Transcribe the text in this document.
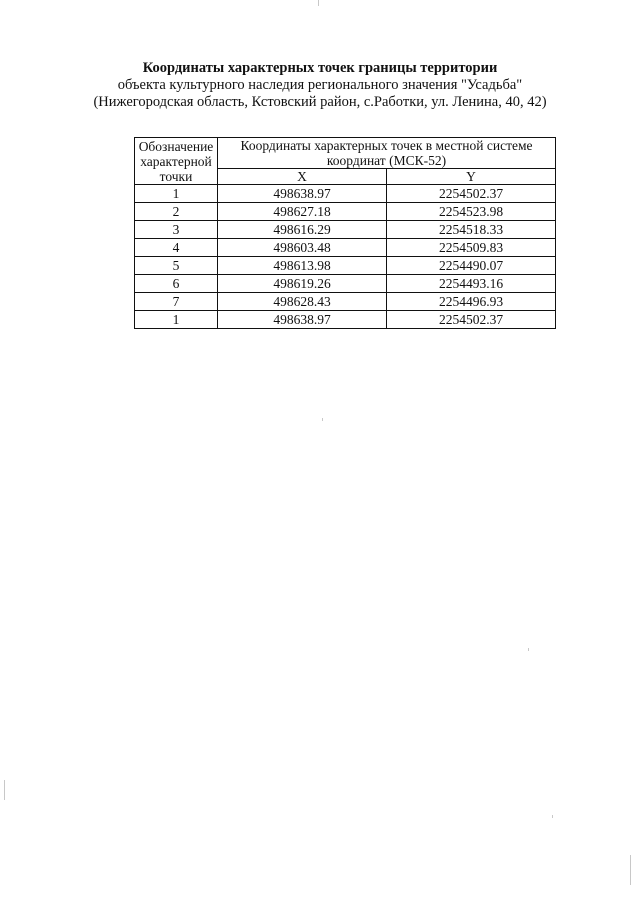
Координаты характерных точек границы территории
объекта культурного наследия регионального значения "Усадьба"
(Нижегородская область, Кстовский район, с.Работки, ул. Ленина, 40, 42)
Обозначение характерной точки	Координаты характерных точек в местной системе координат (МСК-52)	
	X	Y
1	498638.97	2254502.37
2	498627.18	2254523.98
3	498616.29	2254518.33
4	498603.48	2254509.83
5	498613.98	2254490.07
6	498619.26	2254493.16
7	498628.43	2254496.93
1	498638.97	2254502.37
